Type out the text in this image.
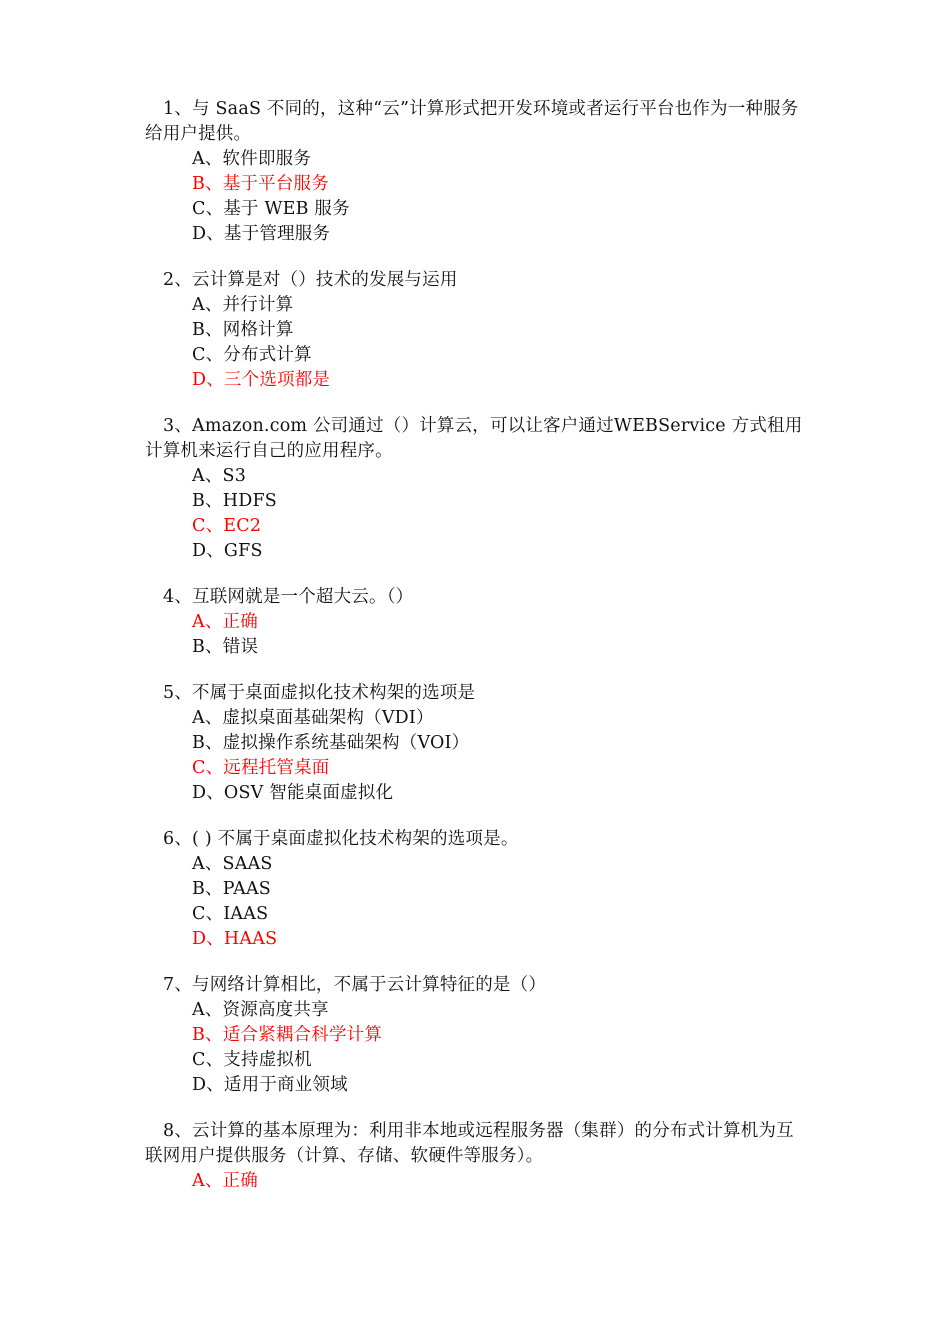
1、与 SaaS 不同的，这种“云”计算形式把开发环境或者运行平台也作为一种服务给用户提供。

A、软件即服务
B、基于平台服务
C、基于 WEB 服务
D、基于管理服务

2、云计算是对（）技术的发展与运用

A、并行计算
B、网格计算
C、分布式计算
D、三个选项都是

3、Amazon.com 公司通过（）计算云，可以让客户通过WEBService 方式租用计算机来运行自己的应用程序。

A、S3
B、HDFS
C、EC2
D、GFS

4、互联网就是一个超大云。（）

A、正确
B、错误

5、不属于桌面虚拟化技术构架的选项是

A、虚拟桌面基础架构（VDI）
B、虚拟操作系统基础架构（VOI）
C、远程托管桌面
D、OSV 智能桌面虚拟化

6、( ) 不属于桌面虚拟化技术构架的选项是。

A、SAAS
B、PAAS
C、IAAS
D、HAAS

7、与网络计算相比，不属于云计算特征的是（）

A、资源高度共享
B、适合紧耦合科学计算
C、支持虚拟机
D、适用于商业领域

8、云计算的基本原理为：利用非本地或远程服务器（集群）的分布式计算机为互联网用户提供服务（计算、存储、软硬件等服务）。

A、正确
